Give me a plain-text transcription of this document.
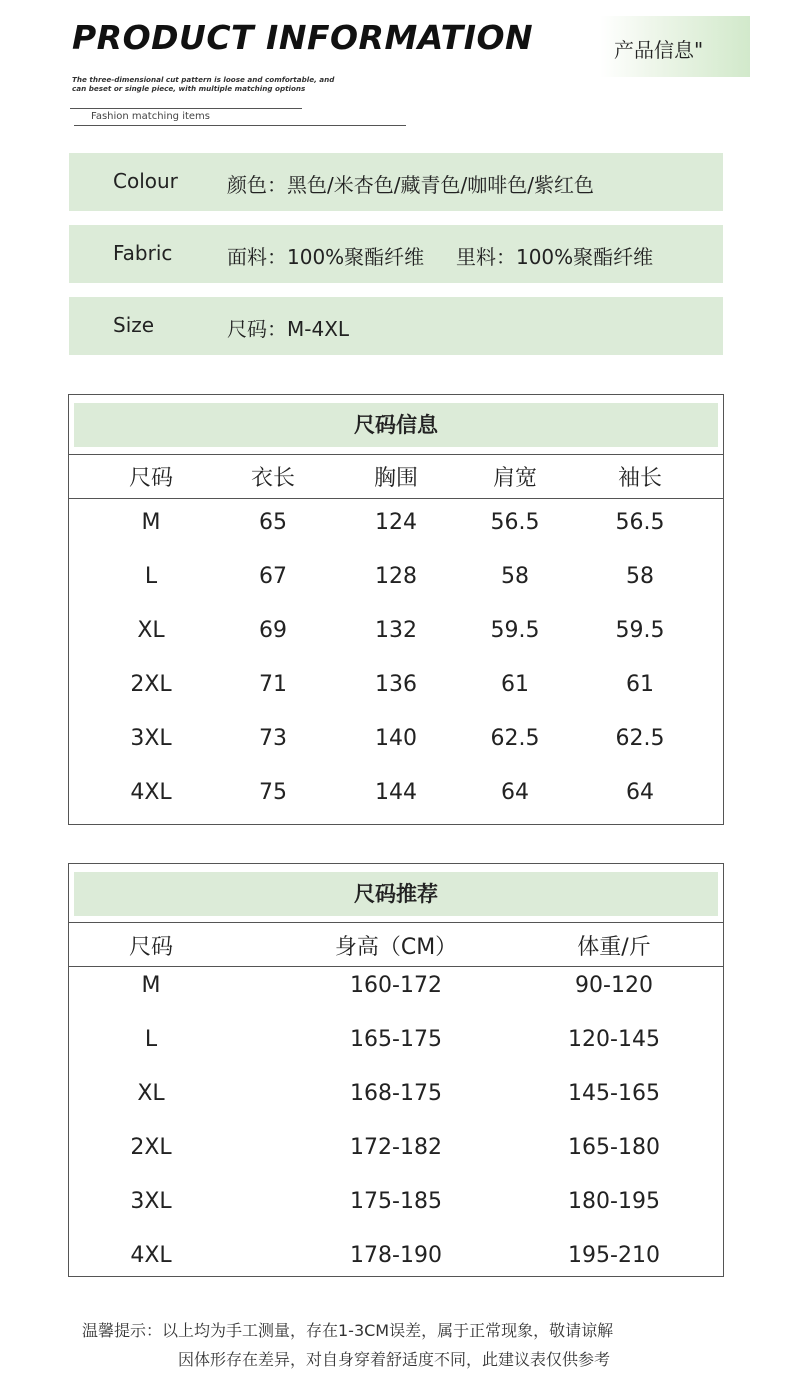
PRODUCT INFORMATION
The three-dimensional cut pattern is loose and comfortable, and
can beset or single piece, with multiple matching options
产品信息"
Fashion matching items
Colour 颜色：黑色/米杏色/藏青色/咖啡色/紫红色
Fabric	面料：100%聚酯纤维     里料：100%聚酯纤维
Size	尺码：M-4XL
尺码信息
尺码	衣长	胸围	肩宽	袖长
M	65	124	56.5	56.5
L	67	128	58	58
XL	69	132	59.5	59.5
2XL	71	136	61	61
3XL	73	140	62.5	62.5
4XL	75	144	64	64
尺码推荐
尺码	身高（CM）	体重/斤
M	160-172	90-120
L	165-175	120-145
XL	168-175	145-165
2XL	172-182	165-180
3XL	175-185	180-195
4XL	178-190	195-210
温馨提示：以上均为手工测量，存在1-3CM误差，属于正常现象，敬请谅解
因体形存在差异，对自身穿着舒适度不同，此建议表仅供参考
